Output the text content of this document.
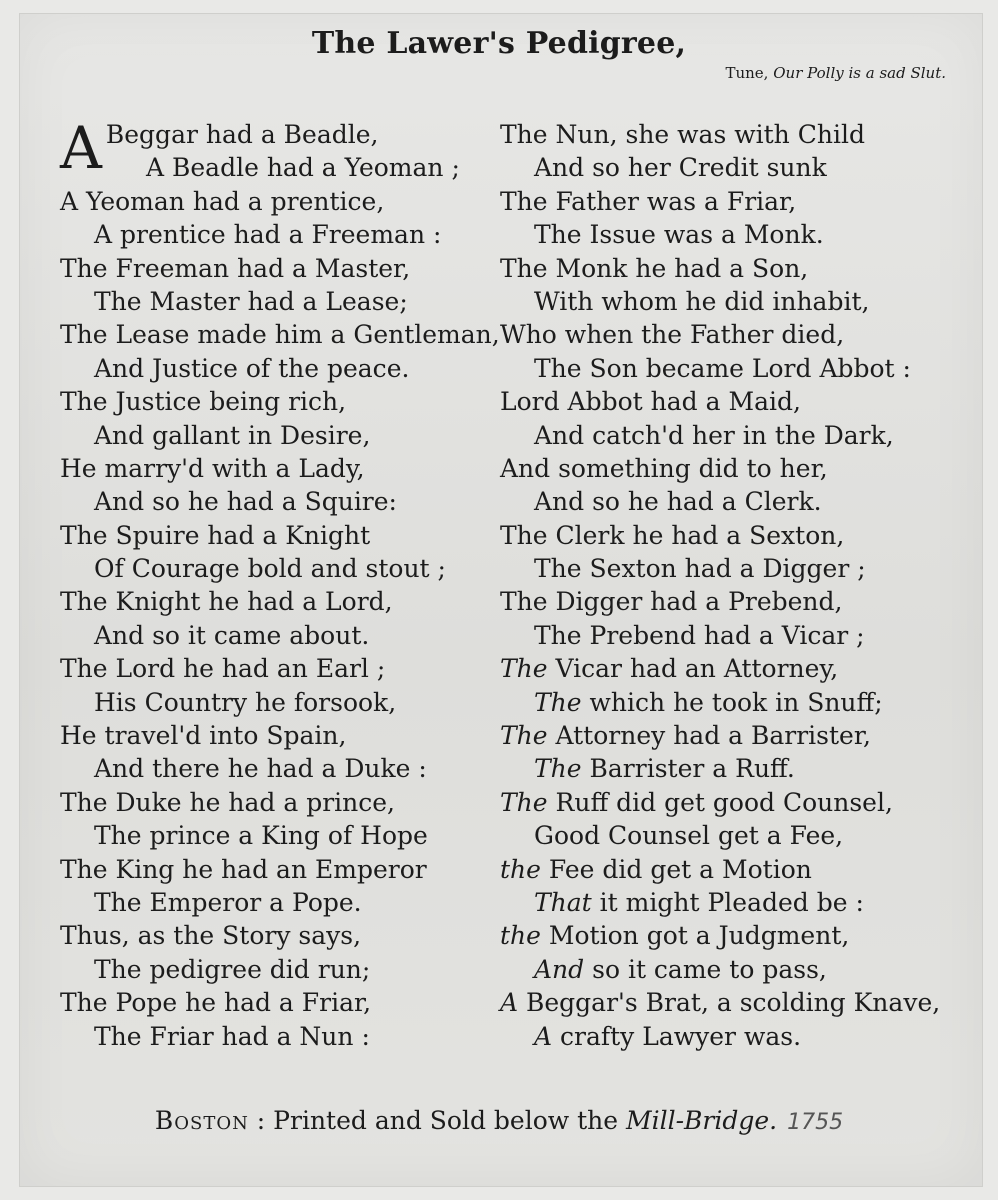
The Lawer's Pedigree,
Tune, Our Polly is a sad Slut.
A Beggar had a Beadle,
A Beadle had a Yeoman ;
A Yeoman had a prentice,
A prentice had a Freeman :
The Freeman had a Master,
The Master had a Lease;
The Lease made him a Gentleman,
And Justice of the peace.
The Justice being rich,
And gallant in Desire,
He marry'd with a Lady,
And so he had a Squire:
The Spuire had a Knight
Of Courage bold and stout ;
The Knight he had a Lord,
And so it came about.
The Lord he had an Earl ;
His Country he forsook,
He travel'd into Spain,
And there he had a Duke :
The Duke he had a prince,
The prince a King of Hope
The King he had an Emperor
The Emperor a Pope.
Thus, as the Story says,
The pedigree did run;
The Pope he had a Friar,
The Friar had a Nun :
The Nun, she was with Child
And so her Credit sunk
The Father was a Friar,
The Issue was a Monk.
The Monk he had a Son,
With whom he did inhabit,
Who when the Father died,
The Son became Lord Abbot :
Lord Abbot had a Maid,
And catch'd her in the Dark,
And something did to her,
And so he had a Clerk.
The Clerk he had a Sexton,
The Sexton had a Digger ;
The Digger had a Prebend,
The Prebend had a Vicar ;
The Vicar had an Attorney,
The which he took in Snuff;
The Attorney had a Barrister,
The Barrister a Ruff.
The Ruff did get good Counsel,
Good Counsel get a Fee,
the Fee did get a Motion
That it might Pleaded be :
the Motion got a Judgment,
And so it came to pass,
A Beggar's Brat, a scolding Knave,
A crafty Lawyer was.
Boston : Printed and Sold below the Mill-Bridge. 1755
